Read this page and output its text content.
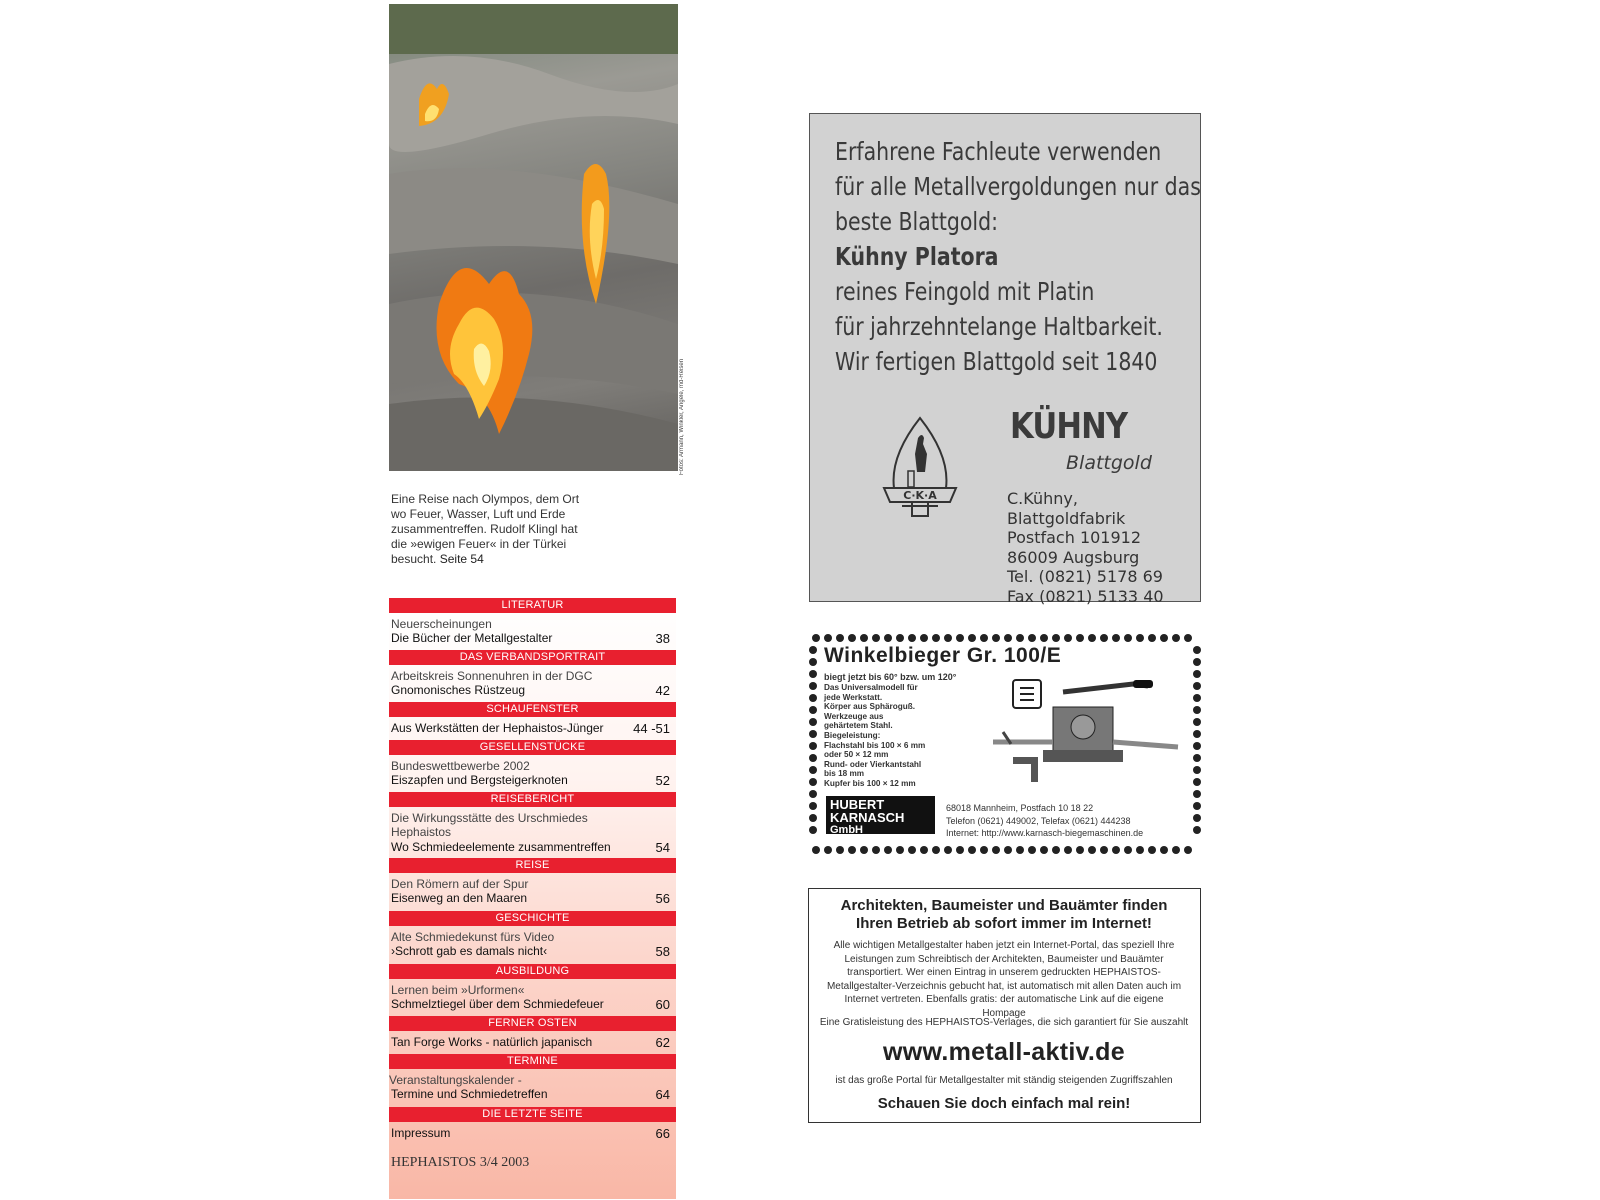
Fotos: Armann, Winkler, Angele, md-Reisen
Eine Reise nach Olympos, dem Ort wo Feuer, Wasser, Luft und Erde zusammentreffen. Rudolf Klingl hat die »ewigen Feuer« in der Türkei besucht. Seite 54
LITERATUR
Neuerscheinungen
Die Bücher der Metallgestalter	38
DAS VERBANDSPORTRAIT
Arbeitskreis Sonnenuhren in der DGC
Gnomonisches Rüstzeug	42
SCHAUFENSTER
Aus Werkstätten der Hephaistos-Jünger	44 -51
GESELLENSTÜCKE
Bundeswettbewerbe 2002
Eiszapfen und Bergsteigerknoten	52
REISEBERICHT
Die Wirkungsstätte des Urschmiedes Hephaistos
Wo Schmiedeelemente zusammentreffen	54
REISE
Den Römern auf der Spur
Eisenweg an den Maaren	56
GESCHICHTE
Alte Schmiedekunst fürs Video
›Schrott gab es damals nicht‹	58
AUSBILDUNG
Lernen beim »Urformen«
Schmelztiegel über dem Schmiedefeuer	60
FERNER OSTEN
Tan Forge Works - natürlich japanisch	62
TERMINE
Veranstaltungskalender -
Termine und Schmiedetreffen	64
DIE LETZTE SEITE
Impressum	66
HEPHAISTOS 3/4 2003
Erfahrene Fachleute verwenden
für alle Metallvergoldungen nur das
beste Blattgold:
Kühny Platora
reines Feingold mit Platin
für jahrzehntelange Haltbarkeit.
Wir fertigen Blattgold seit 1840
C·K·A
KÜHNY
Blattgold
C.Kühny, Blattgoldfabrik
Postfach 101912
86009 Augsburg
Tel. (0821) 5178 69
Fax (0821) 5133 40
Winkelbieger Gr. 100/E
biegt jetzt bis 60° bzw. um 120°
Das Universalmodell für
jede Werkstatt.
Körper aus Sphäroguß.
Werkzeuge aus
gehärtetem Stahl.
Biegeleistung:
Flachstahl bis 100 × 6 mm
oder 50 × 12 mm
Rund- oder Vierkantstahl
bis 18 mm
Kupfer bis 100 × 12 mm
HUBERT
KARNASCH
GmbH
68018 Mannheim, Postfach 10 18 22
Telefon (0621) 449002, Telefax (0621) 444238
Internet: http://www.karnasch-biegemaschinen.de
Architekten, Baumeister und Bauämter finden
Ihren Betrieb ab sofort immer im Internet!
Alle wichtigen Metallgestalter haben jetzt ein Internet-Portal, das speziell Ihre Leistungen zum Schreibtisch der Architekten, Baumeister und Bauämter transportiert. Wer einen Eintrag in unserem gedruckten HEPHAISTOS-Metallgestalter-Verzeichnis gebucht hat, ist automatisch mit allen Daten auch im Internet vertreten. Ebenfalls gratis: der automatische Link auf die eigene Hompage
Eine Gratisleistung des HEPHAISTOS-Verlages, die sich garantiert für Sie auszahlt
www.metall-aktiv.de
ist das große Portal für Metallgestalter mit ständig steigenden Zugriffszahlen
Schauen Sie doch einfach mal rein!
